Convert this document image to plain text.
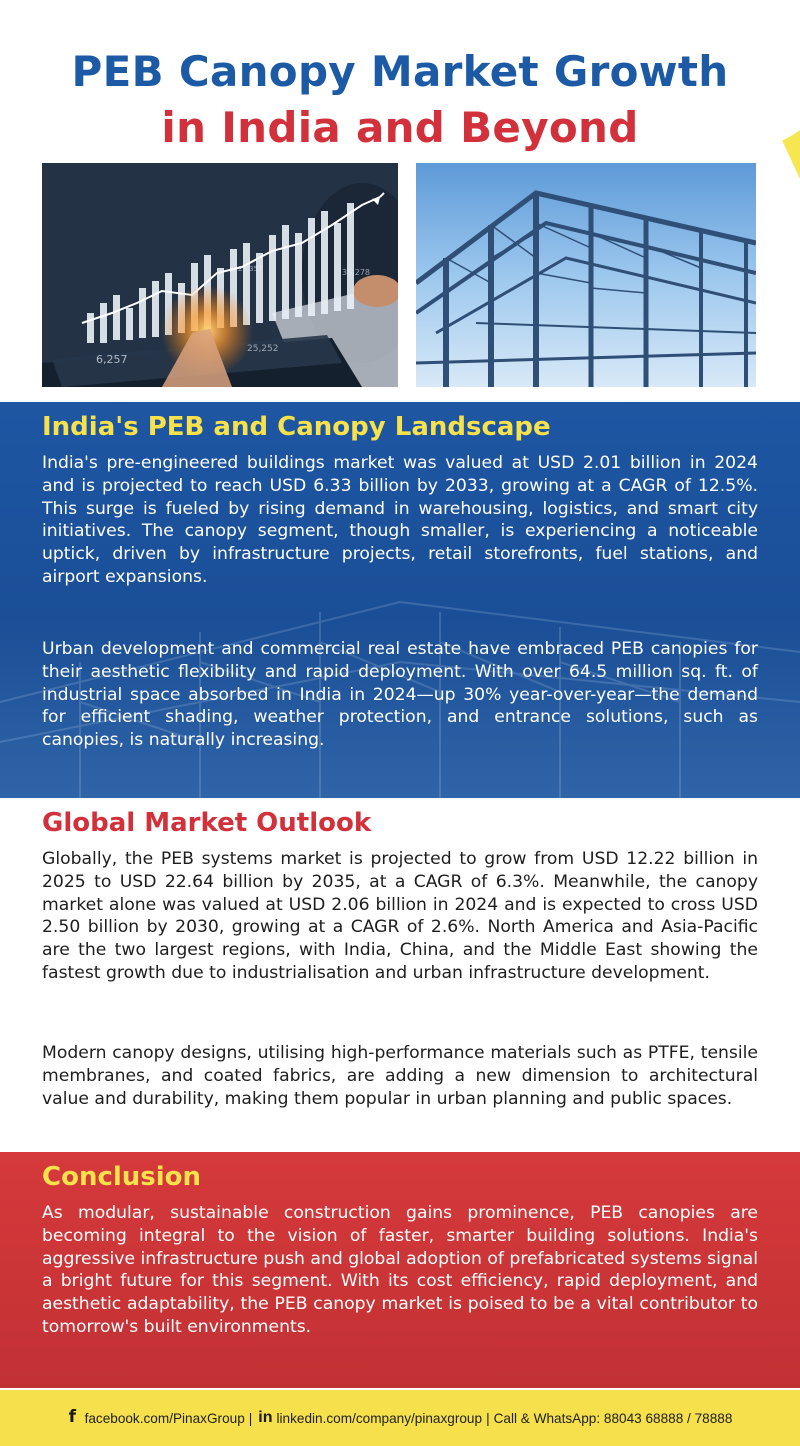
PEB Canopy Market Growth
in India and Beyond
6,257
25,252
25,357	35,278
India's PEB and Canopy Landscape

India's pre-engineered buildings market was valued at USD 2.01 billion in 2024 and is projected to reach USD 6.33 billion by 2033, growing at a CAGR of 12.5%. This surge is fueled by rising demand in warehousing, logistics, and smart city initiatives. The canopy segment, though smaller, is experiencing a noticeable uptick, driven by infrastructure projects, retail storefronts, fuel stations, and airport expansions.

Urban development and commercial real estate have embraced PEB canopies for their aesthetic flexibility and rapid deployment. With over 64.5 million sq. ft. of industrial space absorbed in India in 2024—up 30% year-over-year—the demand for efficient shading, weather protection, and entrance solutions, such as canopies, is naturally increasing.

Global Market Outlook

Globally, the PEB systems market is projected to grow from USD 12.22 billion in 2025 to USD 22.64 billion by 2035, at a CAGR of 6.3%. Meanwhile, the canopy market alone was valued at USD 2.06 billion in 2024 and is expected to cross USD 2.50 billion by 2030, growing at a CAGR of 2.6%. North America and Asia-Pacific are the two largest regions, with India, China, and the Middle East showing the fastest growth due to industrialisation and urban infrastructure development.

Modern canopy designs, utilising high-performance materials such as PTFE, tensile membranes, and coated fabrics, are adding a new dimension to architectural value and durability, making them popular in urban planning and public spaces.

Conclusion

As modular, sustainable construction gains prominence, PEB canopies are becoming integral to the vision of faster, smarter building solutions. India's aggressive infrastructure push and global adoption of prefabricated systems signal a bright future for this segment. With its cost efficiency, rapid deployment, and aesthetic adaptability, the PEB canopy market is poised to be a vital contributor to tomorrow's built environments.

f
facebook.com/PinaxGroup | in linkedin.com/company/pinaxgroup | Call & WhatsApp: 88043 68888 / 78888
